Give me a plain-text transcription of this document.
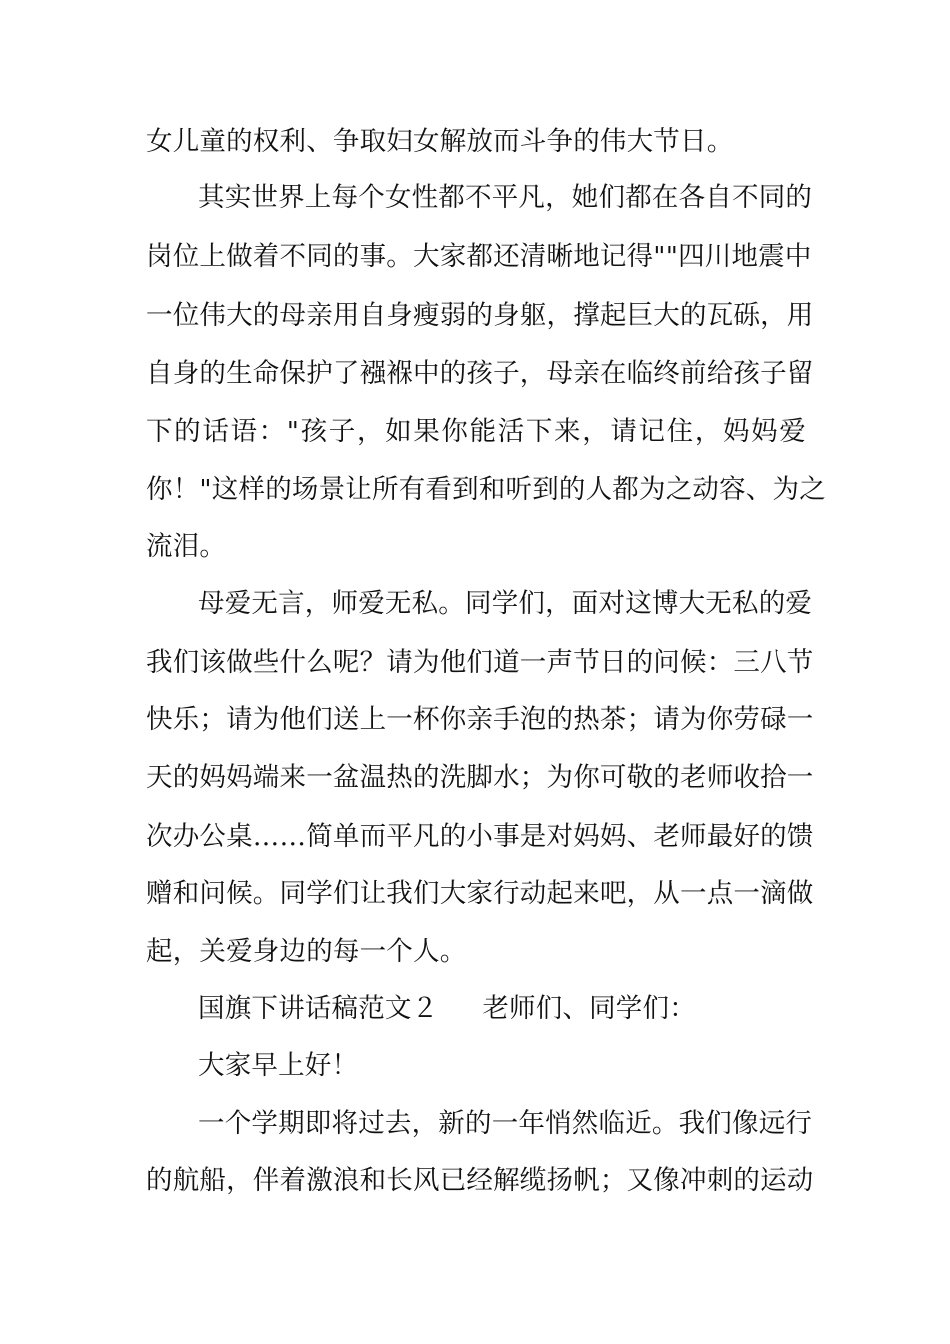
女儿童的权利、争取妇女解放而斗争的伟大节日。
其实世界上每个女性都不平凡，她们都在各自不同的
岗位上做着不同的事。大家都还清晰地记得""四川地震中
一位伟大的母亲用自身瘦弱的身躯，撑起巨大的瓦砾，用
自身的生命保护了襁褓中的孩子，母亲在临终前给孩子留
下的话语："孩子，如果你能活下来，请记住，妈妈爱
你！"这样的场景让所有看到和听到的人都为之动容、为之
流泪。
母爱无言，师爱无私。同学们，面对这博大无私的爱
我们该做些什么呢？请为他们道一声节日的问候：三八节
快乐；请为他们送上一杯你亲手泡的热茶；请为你劳碌一
天的妈妈端来一盆温热的洗脚水；为你可敬的老师收拾一
次办公桌……简单而平凡的小事是对妈妈、老师最好的馈
赠和问候。同学们让我们大家行动起来吧，从一点一滴做
起，关爱身边的每一个人。
国旗下讲话稿范文２ 老师们、同学们：
大家早上好！
一个学期即将过去，新的一年悄然临近。我们像远行
的航船，伴着激浪和长风已经解缆扬帆；又像冲刺的运动
